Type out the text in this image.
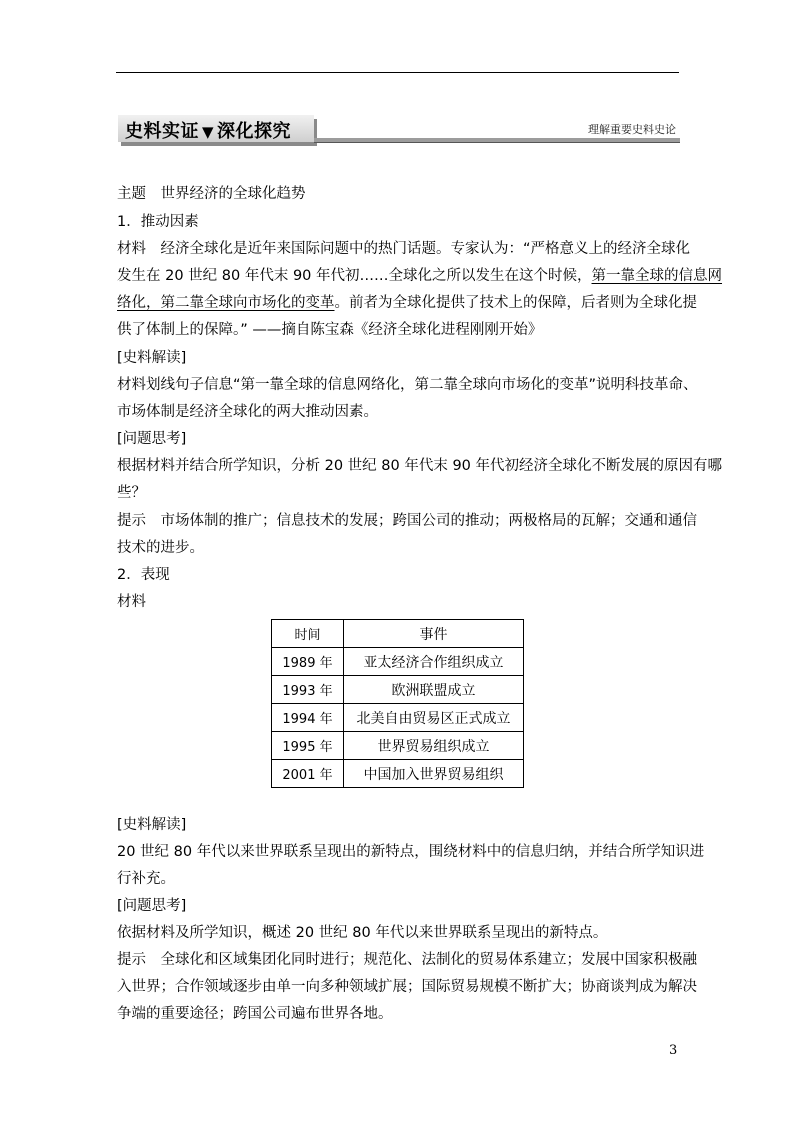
史料实证 ▼ 深化探究	理解重要史料史论
主题　世界经济的全球化趋势
1．推动因素
材料　经济全球化是近年来国际问题中的热门话题。专家认为：“严格意义上的经济全球化
发生在 20 世纪 80 年代末 90 年代初……全球化之所以发生在这个时候，第一靠全球的信息网
络化，第二靠全球向市场化的变革。前者为全球化提供了技术上的保障，后者则为全球化提
供了体制上的保障。” ——摘自陈宝森《经济全球化进程刚刚开始》
[史料解读]
材料划线句子信息“第一靠全球的信息网络化，第二靠全球向市场化的变革”说明科技革命、
市场体制是经济全球化的两大推动因素。
[问题思考]
根据材料并结合所学知识，分析 20 世纪 80 年代末 90 年代初经济全球化不断发展的原因有哪
些？
提示　市场体制的推广；信息技术的发展；跨国公司的推动；两极格局的瓦解；交通和通信
技术的进步。
2．表现
材料
时间	事件
1989 年	亚太经济合作组织成立
1993 年	欧洲联盟成立
1994 年	北美自由贸易区正式成立
1995 年	世界贸易组织成立
2001 年	中国加入世界贸易组织
[史料解读]
20 世纪 80 年代以来世界联系呈现出的新特点，围绕材料中的信息归纳，并结合所学知识进
行补充。
[问题思考]
依据材料及所学知识，概述 20 世纪 80 年代以来世界联系呈现出的新特点。
提示　全球化和区域集团化同时进行；规范化、法制化的贸易体系建立；发展中国家积极融
入世界；合作领域逐步由单一向多种领域扩展；国际贸易规模不断扩大；协商谈判成为解决
争端的重要途径；跨国公司遍布世界各地。
3
